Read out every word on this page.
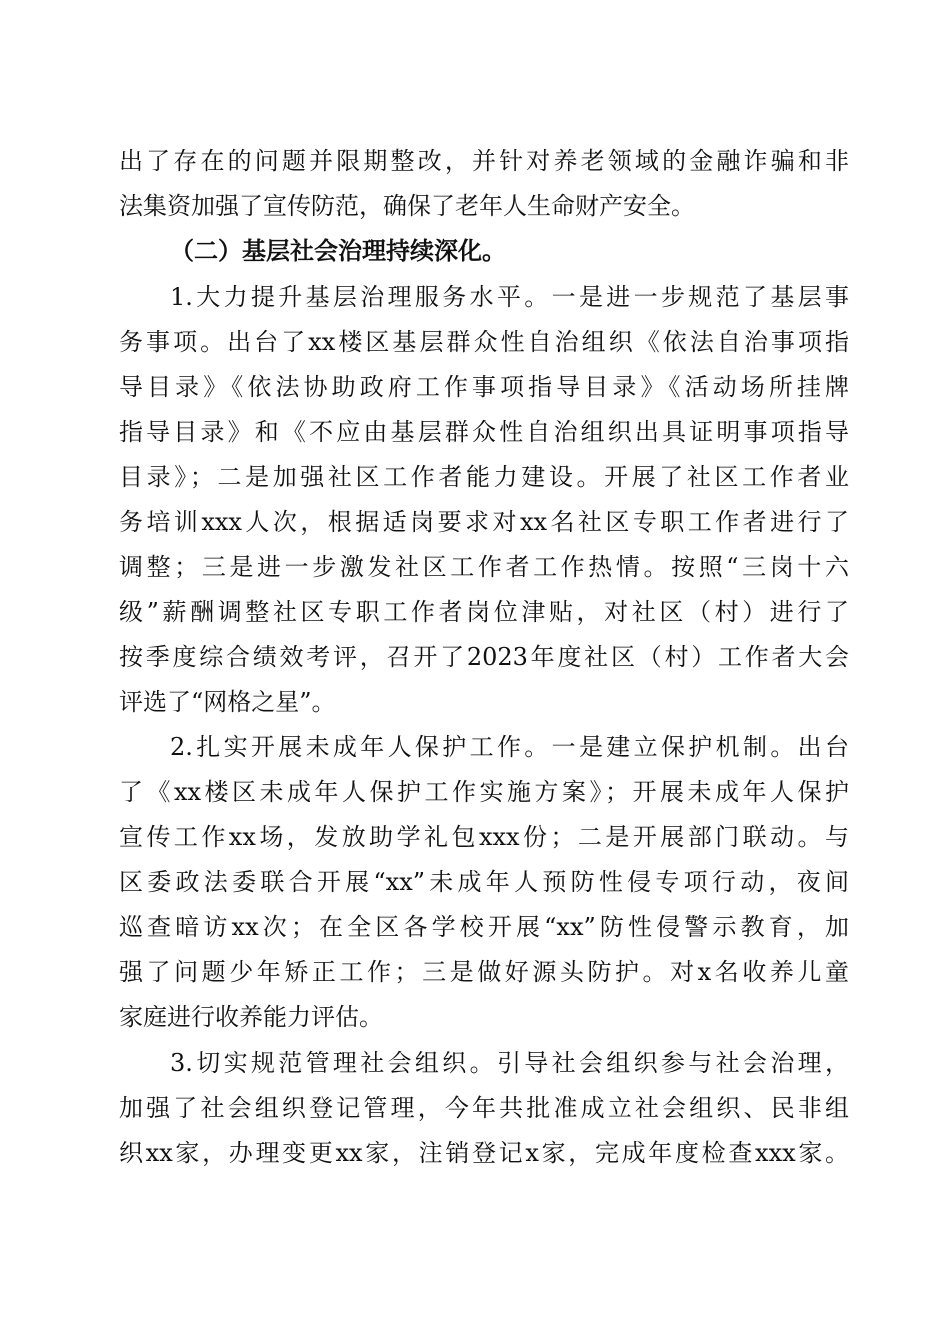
出了存在的问题并限期整改，并针对养老领域的金融诈骗和非
法集资加强了宣传防范，确保了老年人生命财产安全。
（二）基层社会治理持续深化。
1.大力提升基层治理服务水平。一是进一步规范了基层事
务事项。出台了xx楼区基层群众性自治组织《依法自治事项指
导目录》《依法协助政府工作事项指导目录》《活动场所挂牌
指导目录》和《不应由基层群众性自治组织出具证明事项指导
目录》；二是加强社区工作者能力建设。开展了社区工作者业
务培训xxx人次，根据适岗要求对xx名社区专职工作者进行了
调整；三是进一步激发社区工作者工作热情。按照“三岗十六
级”薪酬调整社区专职工作者岗位津贴，对社区（村）进行了
按季度综合绩效考评，召开了2023年度社区（村）工作者大会
评选了“网格之星”。
2.扎实开展未成年人保护工作。一是建立保护机制。出台
了《xx楼区未成年人保护工作实施方案》；开展未成年人保护
宣传工作xx场，发放助学礼包xxx份；二是开展部门联动。与
区委政法委联合开展“xx”未成年人预防性侵专项行动，夜间
巡查暗访xx次；在全区各学校开展“xx”防性侵警示教育，加
强了问题少年矫正工作；三是做好源头防护。对x名收养儿童
家庭进行收养能力评估。
3.切实规范管理社会组织。引导社会组织参与社会治理，
加强了社会组织登记管理，今年共批准成立社会组织、民非组
织xx家，办理变更xx家，注销登记x家，完成年度检查xxx家。
